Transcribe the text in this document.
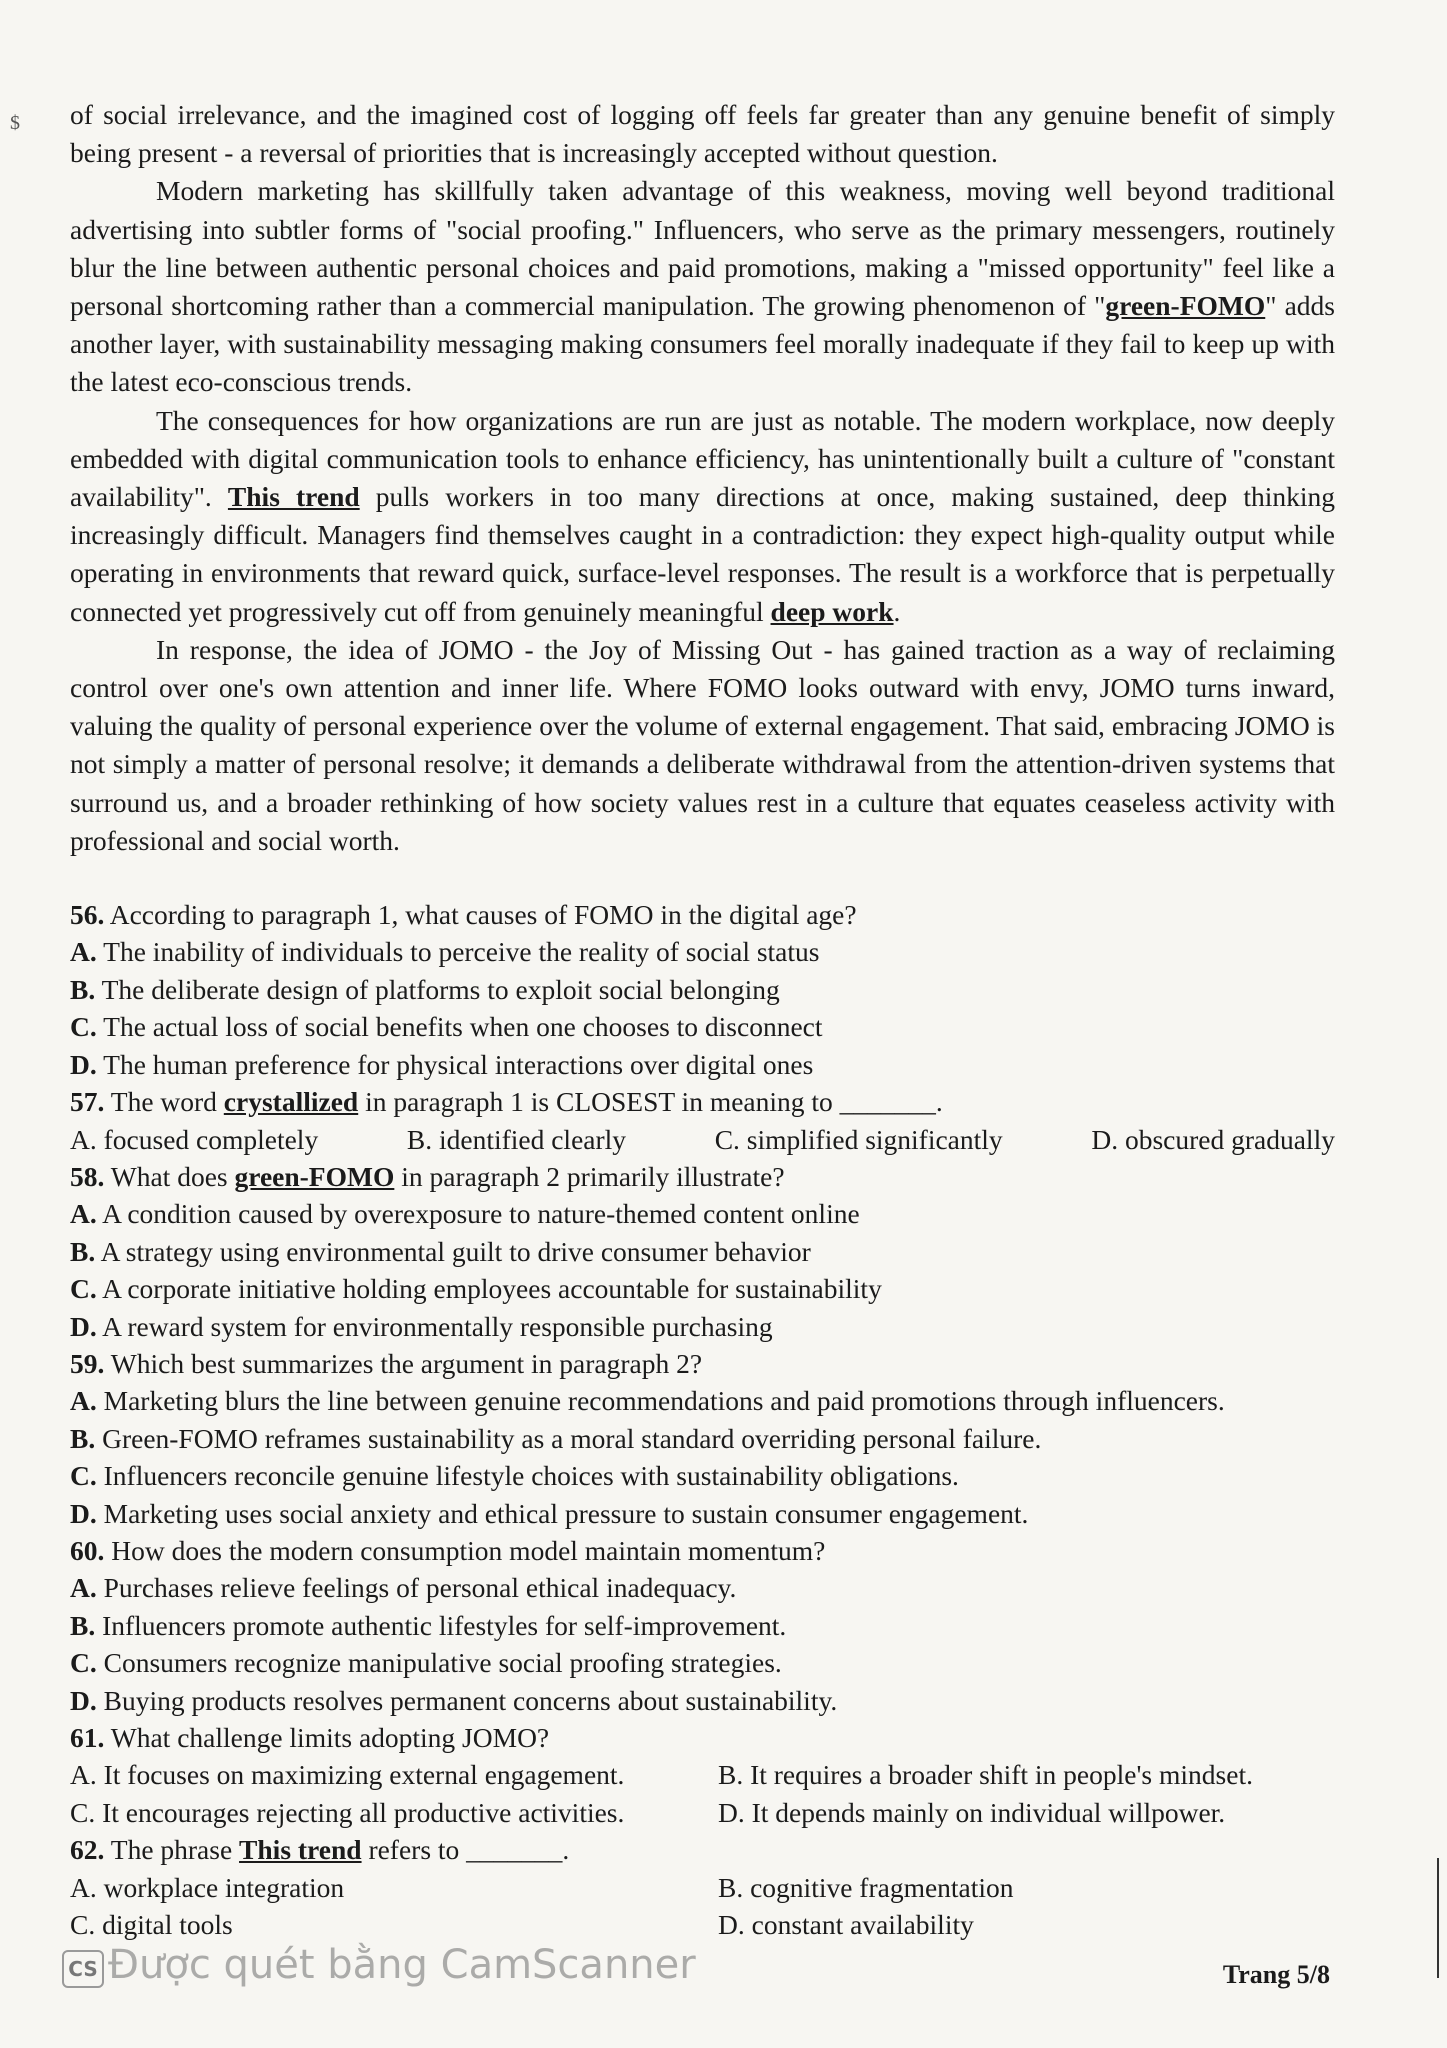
$ of social irrelevance, and the imagined cost of logging off feels far greater than any genuine benefit of simply being present - a reversal of priorities that is increasingly accepted without question.

Modern marketing has skillfully taken advantage of this weakness, moving well beyond traditional advertising into subtler forms of "social proofing." Influencers, who serve as the primary messengers, routinely blur the line between authentic personal choices and paid promotions, making a "missed opportunity" feel like a personal shortcoming rather than a commercial manipulation. The growing phenomenon of "green-FOMO" adds another layer, with sustainability messaging making consumers feel morally inadequate if they fail to keep up with the latest eco-conscious trends.

The consequences for how organizations are run are just as notable. The modern workplace, now deeply embedded with digital communication tools to enhance efficiency, has unintentionally built a culture of "constant availability". This trend pulls workers in too many directions at once, making sustained, deep thinking increasingly difficult. Managers find themselves caught in a contradiction: they expect high-quality output while operating in environments that reward quick, surface-level responses. The result is a workforce that is perpetually connected yet progressively cut off from genuinely meaningful deep work.

In response, the idea of JOMO - the Joy of Missing Out - has gained traction as a way of reclaiming control over one's own attention and inner life. Where FOMO looks outward with envy, JOMO turns inward, valuing the quality of personal experience over the volume of external engagement. That said, embracing JOMO is not simply a matter of personal resolve; it demands a deliberate withdrawal from the attention-driven systems that surround us, and a broader rethinking of how society values rest in a culture that equates ceaseless activity with professional and social worth.

56. According to paragraph 1, what causes of FOMO in the digital age?

A. The inability of individuals to perceive the reality of social status

B. The deliberate design of platforms to exploit social belonging

C. The actual loss of social benefits when one chooses to disconnect

D. The human preference for physical interactions over digital ones

57. The word crystallized in paragraph 1 is CLOSEST in meaning to _______.

A. focused completely	B. identified clearly	C. simplified significantly	D. obscured gradually

58. What does green-FOMO in paragraph 2 primarily illustrate?

A. A condition caused by overexposure to nature-themed content online

B. A strategy using environmental guilt to drive consumer behavior

C. A corporate initiative holding employees accountable for sustainability

D. A reward system for environmentally responsible purchasing

59. Which best summarizes the argument in paragraph 2?

A. Marketing blurs the line between genuine recommendations and paid promotions through influencers.

B. Green-FOMO reframes sustainability as a moral standard overriding personal failure.

C. Influencers reconcile genuine lifestyle choices with sustainability obligations.

D. Marketing uses social anxiety and ethical pressure to sustain consumer engagement.

60. How does the modern consumption model maintain momentum?

A. Purchases relieve feelings of personal ethical inadequacy.

B. Influencers promote authentic lifestyles for self-improvement.

C. Consumers recognize manipulative social proofing strategies.

D. Buying products resolves permanent concerns about sustainability.

61. What challenge limits adopting JOMO?

A. It focuses on maximizing external engagement.	B. It requires a broader shift in people's mindset.
C. It encourages rejecting all productive activities.	D. It depends mainly on individual willpower.

62. The phrase This trend refers to _______.

A. workplace integration	B. cognitive fragmentation
C. digital tools	D. constant availability
CS Được quét bằng CamScanner	Trang 5/8
